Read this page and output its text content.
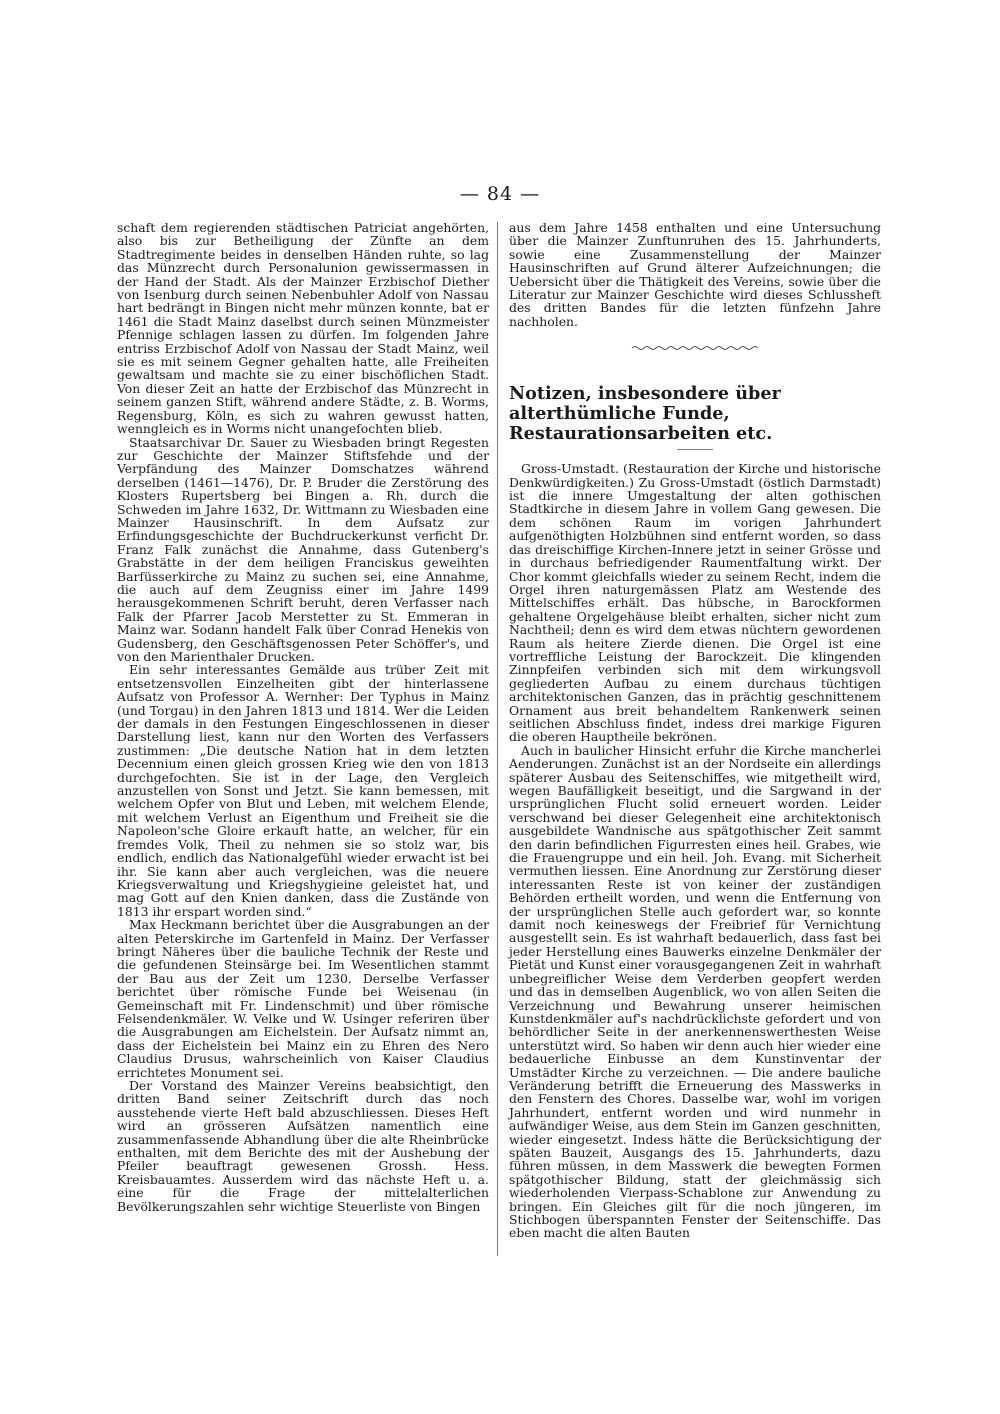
— 84 —

schaft dem regierenden städtischen Patriciat angehörten, also bis zur Betheiligung der Zünfte an dem Stadtregimente beides in denselben Händen ruhte, so lag das Münzrecht durch Personalunion gewissermassen in der Hand der Stadt. Als der Mainzer Erzbischof Diether von Isenburg durch seinen Nebenbuhler Adolf von Nassau hart bedrängt in Bingen nicht mehr münzen konnte, bat er 1461 die Stadt Mainz daselbst durch seinen Münzmeister Pfennige schlagen lassen zu dürfen. Im folgenden Jahre entriss Erzbischof Adolf von Nassau der Stadt Mainz, weil sie es mit seinem Gegner gehalten hatte, alle Freiheiten gewaltsam und machte sie zu einer bischöflichen Stadt. Von dieser Zeit an hatte der Erzbischof das Münzrecht in seinem ganzen Stift, während andere Städte, z. B. Worms, Regensburg, Köln, es sich zu wahren gewusst hatten, wenngleich es in Worms nicht unangefochten blieb.

Staatsarchivar Dr. Sauer zu Wiesbaden bringt Regesten zur Geschichte der Mainzer Stiftsfehde und der Verpfändung des Mainzer Domschatzes während derselben (1461—1476), Dr. P. Bruder die Zerstörung des Klosters Rupertsberg bei Bingen a. Rh. durch die Schweden im Jahre 1632, Dr. Wittmann zu Wiesbaden eine Mainzer Hausinschrift. In dem Aufsatz zur Erfindungsgeschichte der Buchdruckerkunst verficht Dr. Franz Falk zunächst die Annahme, dass Gutenberg's Grabstätte in der dem heiligen Franciskus geweihten Barfüsserkirche zu Mainz zu suchen sei, eine Annahme, die auch auf dem Zeugniss einer im Jahre 1499 herausgekommenen Schrift beruht, deren Verfasser nach Falk der Pfarrer Jacob Merstetter zu St. Emmeran in Mainz war. Sodann handelt Falk über Conrad Henekis von Gudensberg, den Geschäftsgenossen Peter Schöffer's, und von den Marienthaler Drucken.

Ein sehr interessantes Gemälde aus trüber Zeit mit entsetzensvollen Einzelheiten gibt der hinterlassene Aufsatz von Professor A. Wernher: Der Typhus in Mainz (und Torgau) in den Jahren 1813 und 1814. Wer die Leiden der damals in den Festungen Eingeschlossenen in dieser Darstellung liest, kann nur den Worten des Verfassers zustimmen: „Die deutsche Nation hat in dem letzten Decennium einen gleich grossen Krieg wie den von 1813 durchgefochten. Sie ist in der Lage, den Vergleich anzustellen von Sonst und Jetzt. Sie kann bemessen, mit welchem Opfer von Blut und Leben, mit welchem Elende, mit welchem Verlust an Eigenthum und Freiheit sie die Napoleon'sche Gloire erkauft hatte, an welcher, für ein fremdes Volk, Theil zu nehmen sie so stolz war, bis endlich, endlich das Nationalgefühl wieder erwacht ist bei ihr. Sie kann aber auch vergleichen, was die neuere Kriegsverwaltung und Kriegshygieine geleistet hat, und mag Gott auf den Knien danken, dass die Zustände von 1813 ihr erspart worden sind.“

Max Heckmann berichtet über die Ausgrabungen an der alten Peterskirche im Gartenfeld in Mainz. Der Verfasser bringt Näheres über die bauliche Technik der Reste und die gefundenen Steinsärge bei. Im Wesentlichen stammt der Bau aus der Zeit um 1230. Derselbe Verfasser berichtet über römische Funde bei Weisenau (in Gemeinschaft mit Fr. Lindenschmit) und über römische Felsendenkmäler. W. Velke und W. Usinger referiren über die Ausgrabungen am Eichelstein. Der Aufsatz nimmt an, dass der Eichelstein bei Mainz ein zu Ehren des Nero Claudius Drusus, wahrscheinlich von Kaiser Claudius errichtetes Monument sei.

Der Vorstand des Mainzer Vereins beabsichtigt, den dritten Band seiner Zeitschrift durch das noch ausstehende vierte Heft bald abzuschliessen. Dieses Heft wird an grösseren Aufsätzen namentlich eine zusammenfassende Abhandlung über die alte Rheinbrücke enthalten, mit dem Berichte des mit der Aushebung der Pfeiler beauftragt gewesenen Grossh. Hess. Kreisbauamtes. Ausserdem wird das nächste Heft u. a. eine für die Frage der mittelalterlichen Bevölkerungszahlen sehr wichtige Steuerliste von Bingen

aus dem Jahre 1458 enthalten und eine Untersuchung über die Mainzer Zunftunruhen des 15. Jahrhunderts, sowie eine Zusammenstellung der Mainzer Hausinschriften auf Grund älterer Aufzeichnungen; die Uebersicht über die Thätigkeit des Vereins, sowie über die Literatur zur Mainzer Geschichte wird dieses Schlussheft des dritten Bandes für die letzten fünfzehn Jahre nachholen.

Notizen, insbesondere über alterthümliche Funde, Restaurationsarbeiten etc.

Gross-Umstadt. (Restauration der Kirche und historische Denkwürdigkeiten.) Zu Gross-Umstadt (östlich Darmstadt) ist die innere Umgestaltung der alten gothischen Stadtkirche in diesem Jahre in vollem Gang gewesen. Die dem schönen Raum im vorigen Jahrhundert aufgenöthigten Holzbühnen sind entfernt worden, so dass das dreischiffige Kirchen-Innere jetzt in seiner Grösse und in durchaus befriedigender Raumentfaltung wirkt. Der Chor kommt gleichfalls wieder zu seinem Recht, indem die Orgel ihren naturgemässen Platz am Westende des Mittelschiffes erhält. Das hübsche, in Barockformen gehaltene Orgelgehäuse bleibt erhalten, sicher nicht zum Nachtheil; denn es wird dem etwas nüchtern gewordenen Raum als heitere Zierde dienen. Die Orgel ist eine vortreffliche Leistung der Barockzeit. Die klingenden Zinnpfeifen verbinden sich mit dem wirkungsvoll gegliederten Aufbau zu einem durchaus tüchtigen architektonischen Ganzen, das in prächtig geschnittenem Ornament aus breit behandeltem Rankenwerk seinen seitlichen Abschluss findet, indess drei markige Figuren die oberen Hauptheile bekrönen.

Auch in baulicher Hinsicht erfuhr die Kirche mancherlei Aenderungen. Zunächst ist an der Nordseite ein allerdings späterer Ausbau des Seitenschiffes, wie mitgetheilt wird, wegen Baufälligkeit beseitigt, und die Sargwand in der ursprünglichen Flucht solid erneuert worden. Leider verschwand bei dieser Gelegenheit eine architektonisch ausgebildete Wandnische aus spätgothischer Zeit sammt den darin befindlichen Figurresten eines heil. Grabes, wie die Frauengruppe und ein heil. Joh. Evang. mit Sicherheit vermuthen liessen. Eine Anordnung zur Zerstörung dieser interessanten Reste ist von keiner der zuständigen Behörden ertheilt worden, und wenn die Entfernung von der ursprünglichen Stelle auch gefordert war, so konnte damit noch keineswegs der Freibrief für Vernichtung ausgestellt sein. Es ist wahrhaft bedauerlich, dass fast bei jeder Herstellung eines Bauwerks einzelne Denkmäler der Pietät und Kunst einer vorausgegangenen Zeit in wahrhaft unbegreiflicher Weise dem Verderben geopfert werden und das in demselben Augenblick, wo von allen Seiten die Verzeichnung und Bewahrung unserer heimischen Kunstdenkmäler auf's nachdrücklichste gefordert und von behördlicher Seite in der anerkennenswerthesten Weise unterstützt wird. So haben wir denn auch hier wieder eine bedauerliche Einbusse an dem Kunstinventar der Umstädter Kirche zu verzeichnen. — Die andere bauliche Veränderung betrifft die Erneuerung des Masswerks in den Fenstern des Chores. Dasselbe war, wohl im vorigen Jahrhundert, entfernt worden und wird nunmehr in aufwändiger Weise, aus dem Stein im Ganzen geschnitten, wieder eingesetzt. Indess hätte die Berücksichtigung der späten Bauzeit, Ausgangs des 15. Jahrhunderts, dazu führen müssen, in dem Masswerk die bewegten Formen spätgothischer Bildung, statt der gleichmässig sich wiederholenden Vierpass-Schablone zur Anwendung zu bringen. Ein Gleiches gilt für die noch jüngeren, im Stichbogen überspannten Fenster der Seitenschiffe. Das eben macht die alten Bauten
